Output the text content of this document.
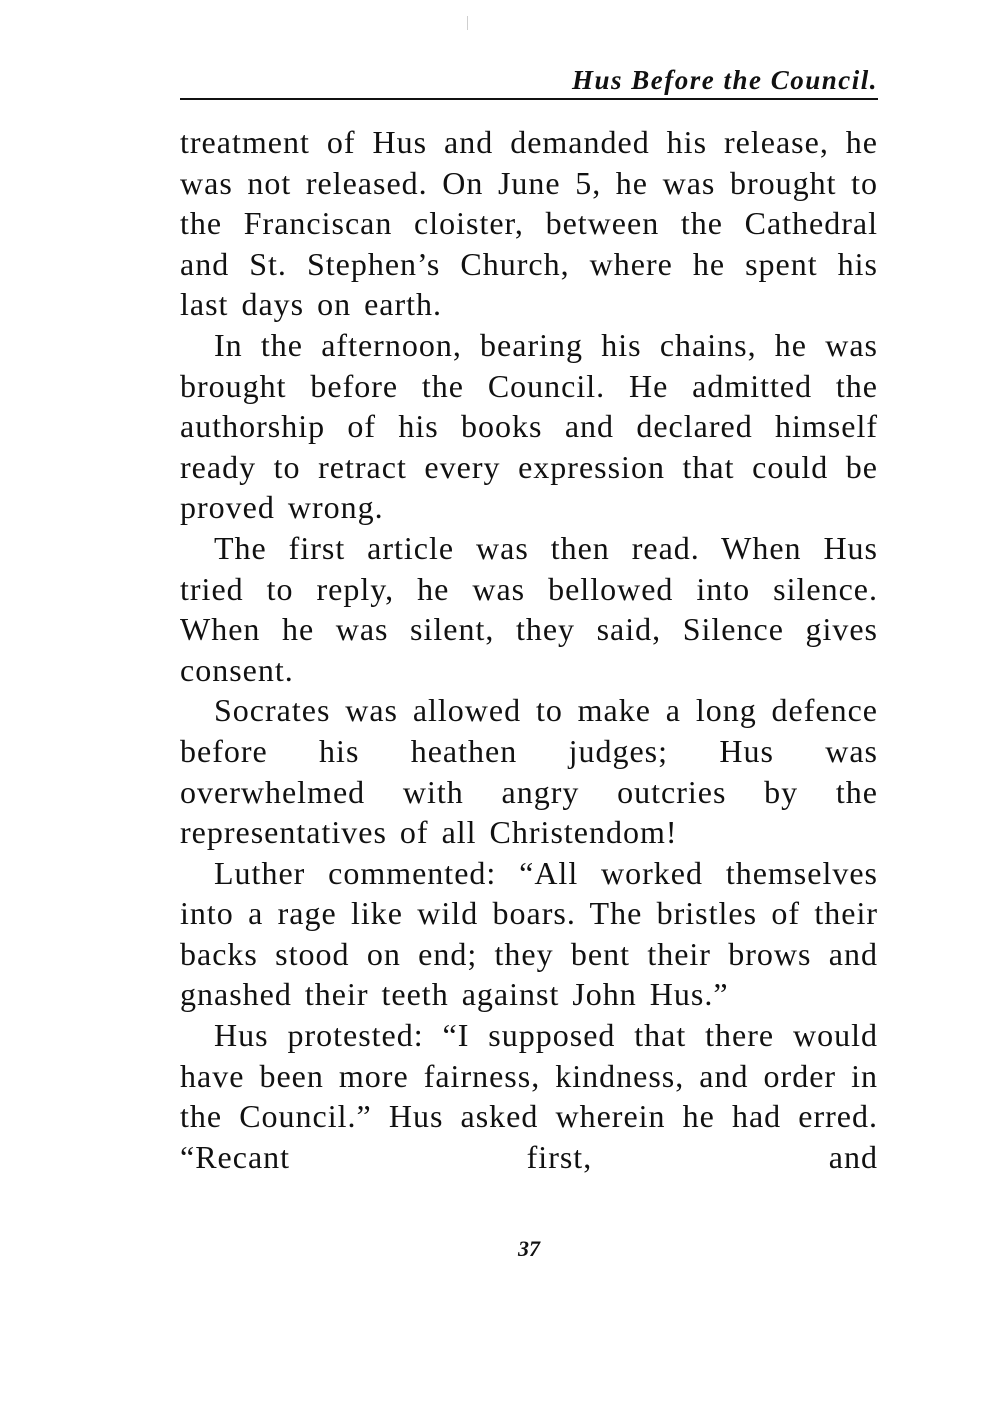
Hus Before the Council.

treatment of Hus and demanded his release, he was not released. On June 5, he was brought to the Franciscan cloister, between the Cathedral and St. Stephen’s Church, where he spent his last days on earth.

In the afternoon, bearing his chains, he was brought before the Council. He admitted the authorship of his books and declared himself ready to retract every expression that could be proved wrong.

The first article was then read. When Hus tried to reply, he was bellowed into silence. When he was silent, they said, Silence gives consent.

Socrates was allowed to make a long defence before his heathen judges; Hus was overwhelmed with angry outcries by the representatives of all Christendom!

Luther commented: “All worked themselves into a rage like wild boars. The bristles of their backs stood on end; they bent their brows and gnashed their teeth against John Hus.”

Hus protested: “I supposed that there would have been more fairness, kindness, and order in the Council.” Hus asked wherein he had erred. “Recant first, and

37
